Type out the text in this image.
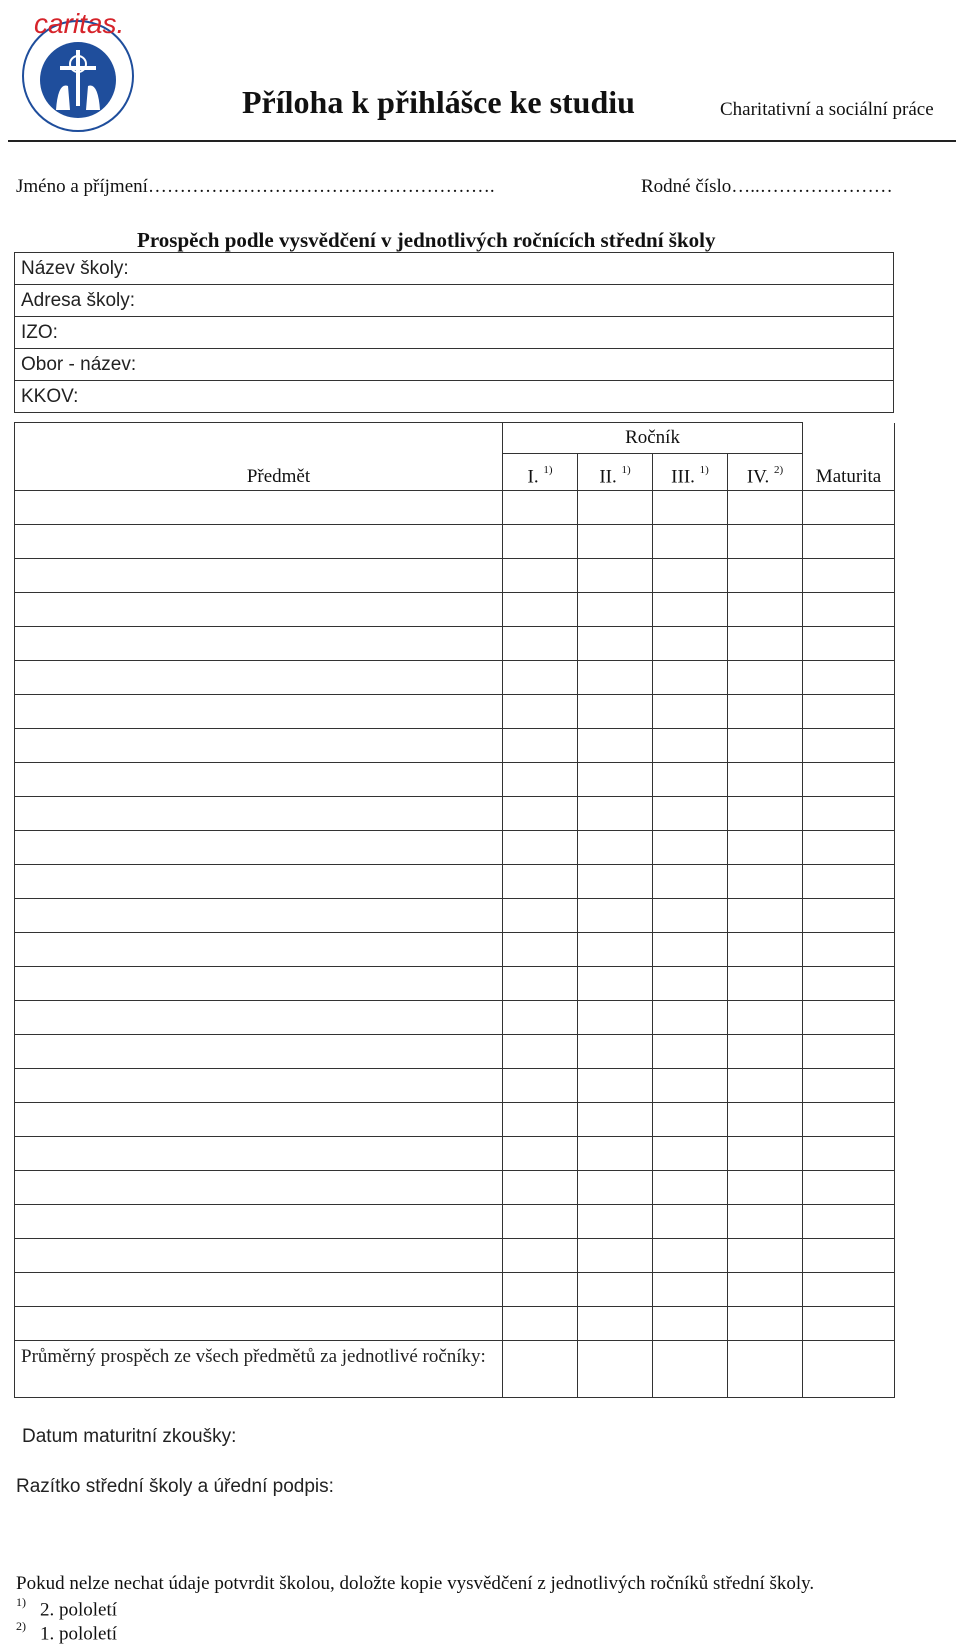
caritas.
Příloha k přihlášce ke studiu	Charitativní a sociální práce
Jméno a příjmení……………………………………………….	Rodné číslo…..…………………
Prospěch podle vysvědčení v jednotlivých ročnících střední školy
Název školy:
Adresa školy:
IZO:
Obor - název:
KKOV:
Předmět	Ročník				Maturita
	I. $^{1)}$	II. $^{1)}$	III. $^{1)}$	IV. $^{2)}$

Průměrný prospěch ze všech předmětů za jednotlivé ročníky:					
Datum maturitní zkoušky:
Razítko střední školy a úřední podpis:
Pokud nelze nechat údaje potvrdit školou, doložte kopie vysvědčení z jednotlivých ročníků střední školy.
$^{1)}$ 2. pololetí
$^{2)}$ 1. pololetí
